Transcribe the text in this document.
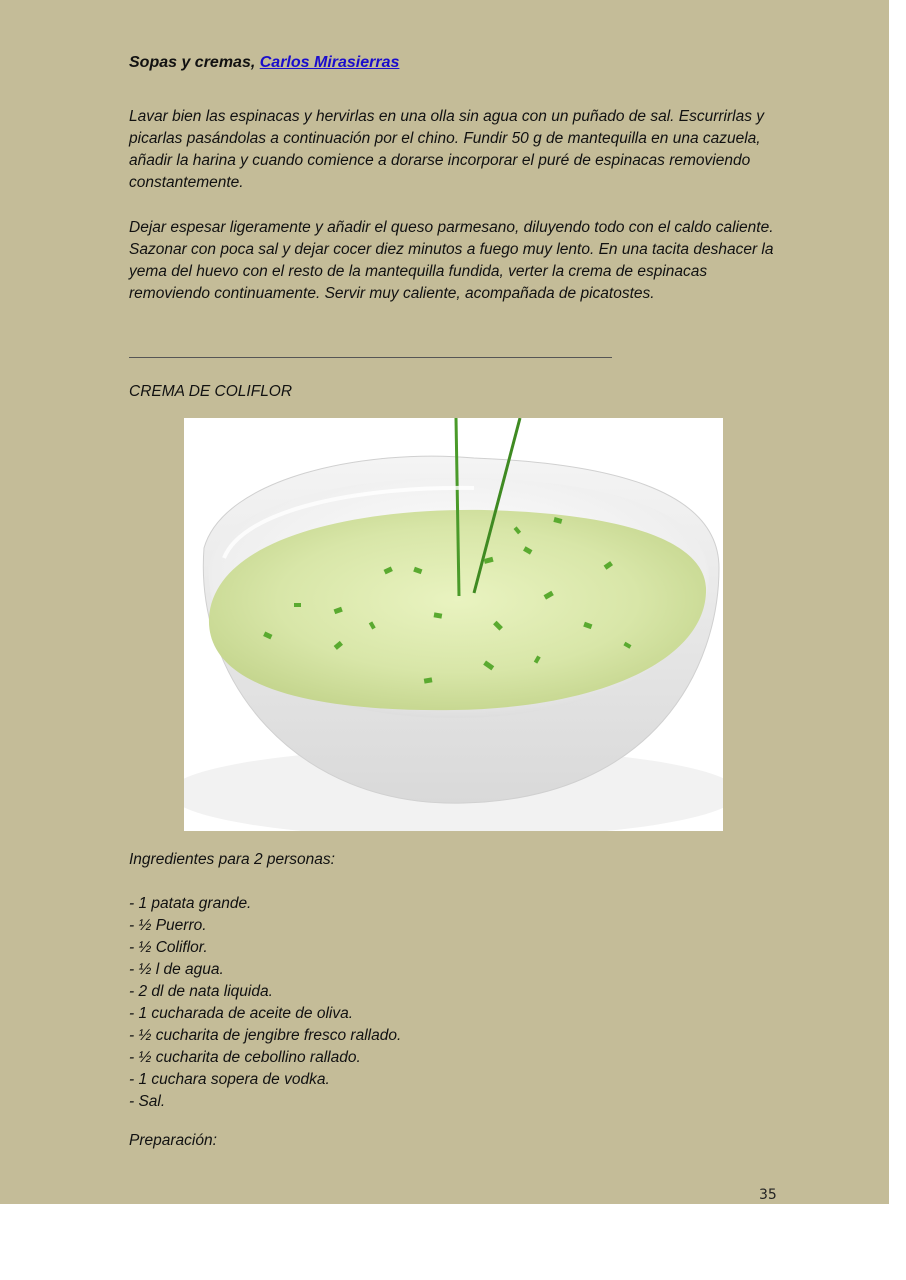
Sopas y cremas, Carlos Mirasierras
Lavar bien las espinacas y hervirlas en una olla sin agua con un puñado de sal. Escurrirlas y picarlas pasándolas a continuación por el chino. Fundir 50 g de mantequilla en una cazuela, añadir la harina y cuando comience a dorarse incorporar el puré de espinacas removiendo constantemente.
Dejar espesar ligeramente y añadir el queso parmesano, diluyendo todo con el caldo caliente. Sazonar con poca sal y dejar cocer diez minutos a fuego muy lento. En una tacita deshacer la yema del huevo con el resto de la mantequilla fundida, verter la crema de espinacas removiendo continuamente. Servir muy caliente, acompañada de picatostes.
CREMA DE COLIFLOR
Ingredientes para 2 personas:
- 1 patata grande.
- ½ Puerro.
- ½ Coliflor.
- ½ l de agua.
- 2 dl de nata liquida.
- 1 cucharada de aceite de oliva.
- ½ cucharita de jengibre fresco rallado.
- ½ cucharita de cebollino rallado.
- 1 cuchara sopera de vodka.
- Sal.
Preparación:
35
